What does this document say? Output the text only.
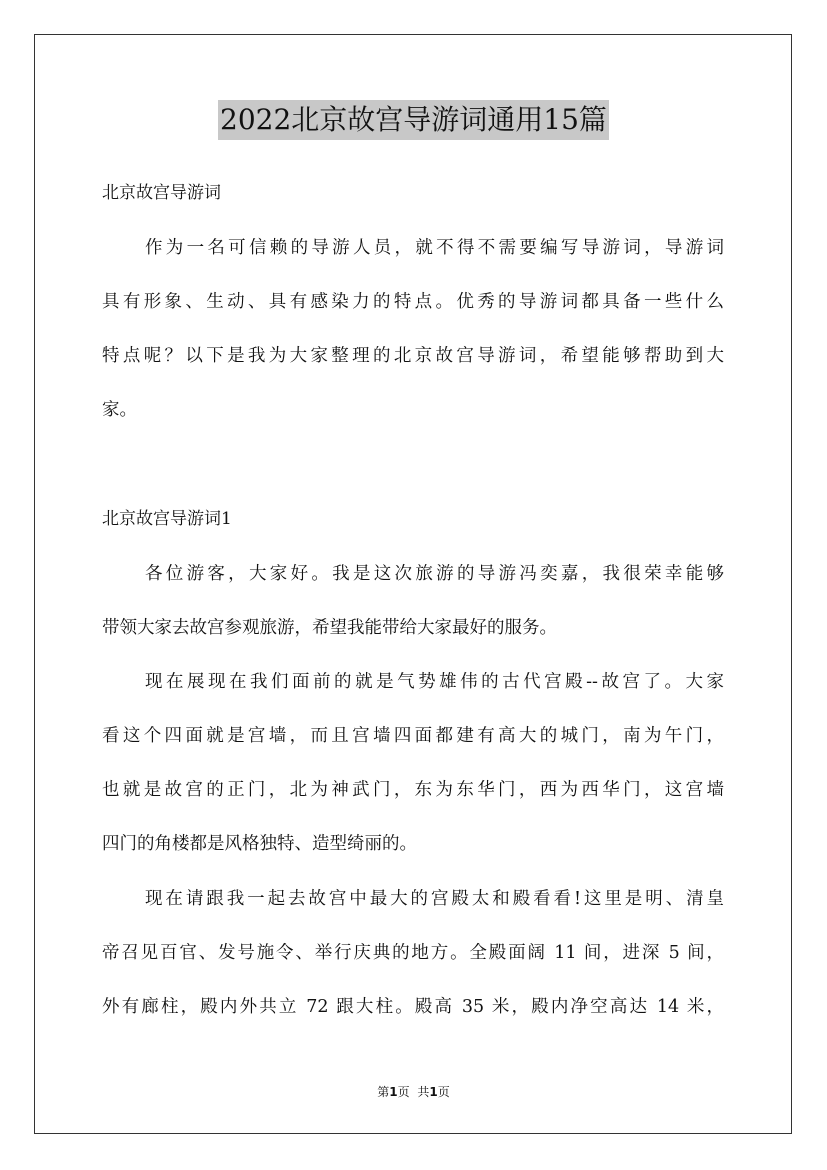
2022北京故宫导游词通用15篇
北京故宫导游词
作为一名可信赖的导游人员，就不得不需要编写导游词，导游词
具有形象、生动、具有感染力的特点。优秀的导游词都具备一些什么
特点呢？以下是我为大家整理的北京故宫导游词，希望能够帮助到大
家。
北京故宫导游词1
各位游客，大家好。我是这次旅游的导游冯奕嘉，我很荣幸能够
带领大家去故宫参观旅游，希望我能带给大家最好的服务。
现在展现在我们面前的就是气势雄伟的古代宫殿--故宫了。大家
看这个四面就是宫墙，而且宫墙四面都建有高大的城门，南为午门，
也就是故宫的正门，北为神武门，东为东华门，西为西华门，这宫墙
四门的角楼都是风格独特、造型绮丽的。
现在请跟我一起去故宫中最大的宫殿太和殿看看!这里是明、清皇
帝召见百官、发号施令、举行庆典的地方。全殿面阔 11 间，进深 5 间，
外有廊柱，殿内外共立 72 跟大柱。殿高 35 米，殿内净空高达 14 米，
第1页 共1页
